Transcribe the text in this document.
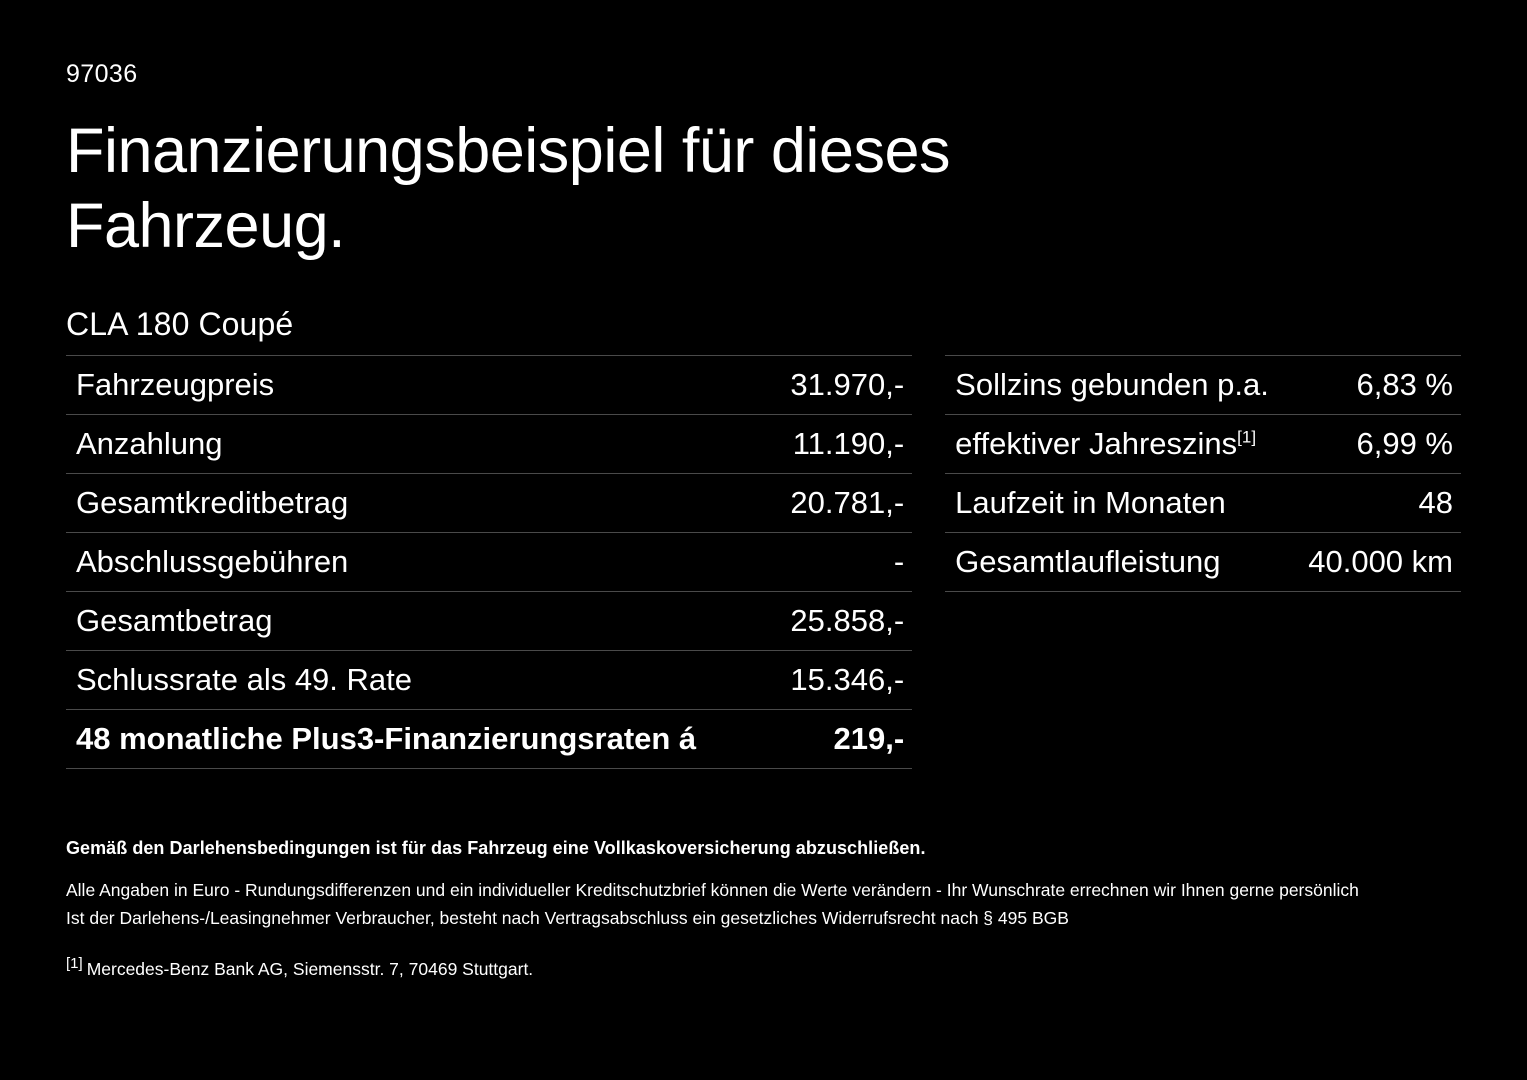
97036
Finanzierungsbeispiel für dieses Fahrzeug.
CLA 180 Coupé
Fahrzeugpreis	31.970,-
Anzahlung	11.190,-
Gesamtkreditbetrag	20.781,-
Abschlussgebühren	-
Gesamtbetrag	25.858,-
Schlussrate als 49. Rate	15.346,-
48 monatliche Plus3-Finanzierungsraten á	219,-
Sollzins gebunden p.a.	6,83 %
effektiver Jahreszins[1]	6,99 %
Laufzeit in Monaten	48
Gesamtlaufleistung	40.000 km
Gemäß den Darlehensbedingungen ist für das Fahrzeug eine Vollkaskoversicherung abzuschließen.
Alle Angaben in Euro - Rundungsdifferenzen und ein individueller Kreditschutzbrief können die Werte verändern - Ihr Wunschrate errechnen wir Ihnen gerne persönlich
Ist der Darlehens-/Leasingnehmer Verbraucher, besteht nach Vertragsabschluss ein gesetzliches Widerrufsrecht nach § 495 BGB
[1] Mercedes-Benz Bank AG, Siemensstr. 7, 70469 Stuttgart.
